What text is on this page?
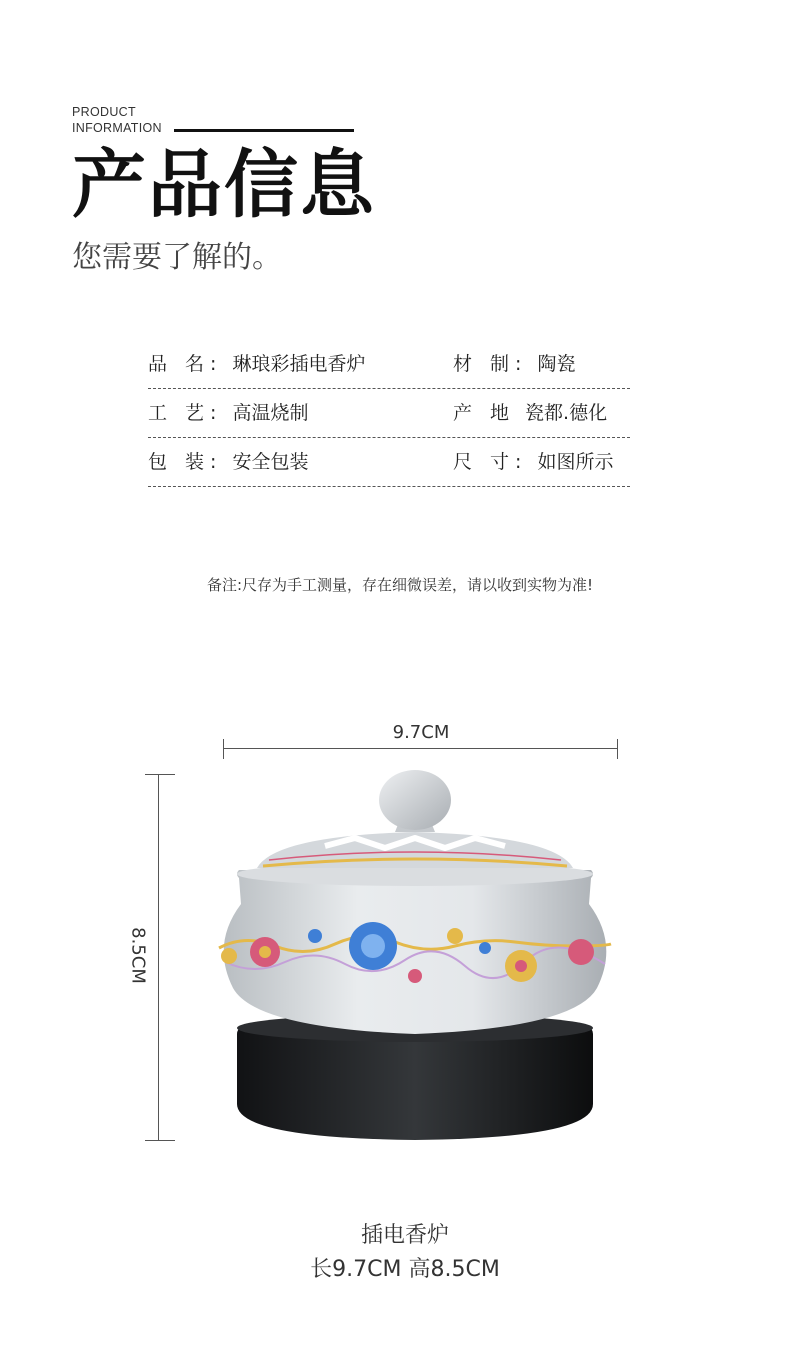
PRODUCT
INFORMATION
产品信息
您需要了解的。
品 名: 琳琅彩插电香炉	材 制: 陶瓷
工 艺: 高温烧制	产 地 瓷都.德化
包 装: 安全包装	尺 寸: 如图所示
备注:尺存为手工测量，存在细微误差，请以收到实物为准!
9.7CM
8.5CM
插电香炉
长9.7CM 高8.5CM
